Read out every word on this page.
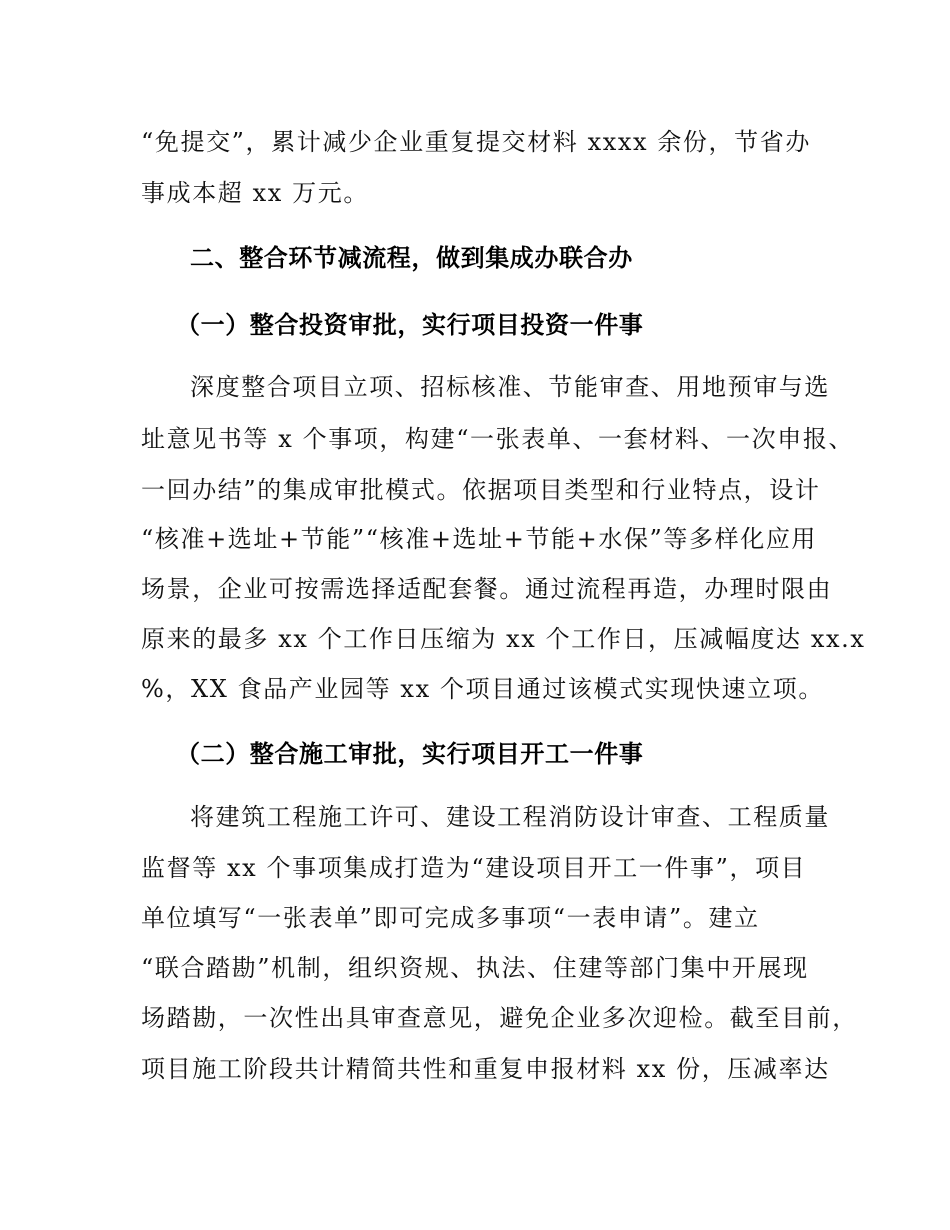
“免提交”，累计减少企业重复提交材料 xxxx 余份，节省办
事成本超 xx 万元。
二、整合环节减流程，做到集成办联合办
（一）整合投资审批，实行项目投资一件事
深度整合项目立项、招标核准、节能审查、用地预审与选
址意见书等 x 个事项，构建“一张表单、一套材料、一次申报、
一回办结”的集成审批模式。依据项目类型和行业特点，设计
“核准+选址+节能”“核准+选址+节能+水保”等多样化应用
场景，企业可按需选择适配套餐。通过流程再造，办理时限由
原来的最多 xx 个工作日压缩为 xx 个工作日，压减幅度达 xx.x
%，XX 食品产业园等 xx 个项目通过该模式实现快速立项。
（二）整合施工审批，实行项目开工一件事
将建筑工程施工许可、建设工程消防设计审查、工程质量
监督等 xx 个事项集成打造为“建设项目开工一件事”，项目
单位填写“一张表单”即可完成多事项“一表申请”。建立
“联合踏勘”机制，组织资规、执法、住建等部门集中开展现
场踏勘，一次性出具审查意见，避免企业多次迎检。截至目前，
项目施工阶段共计精简共性和重复申报材料 xx 份，压减率达
